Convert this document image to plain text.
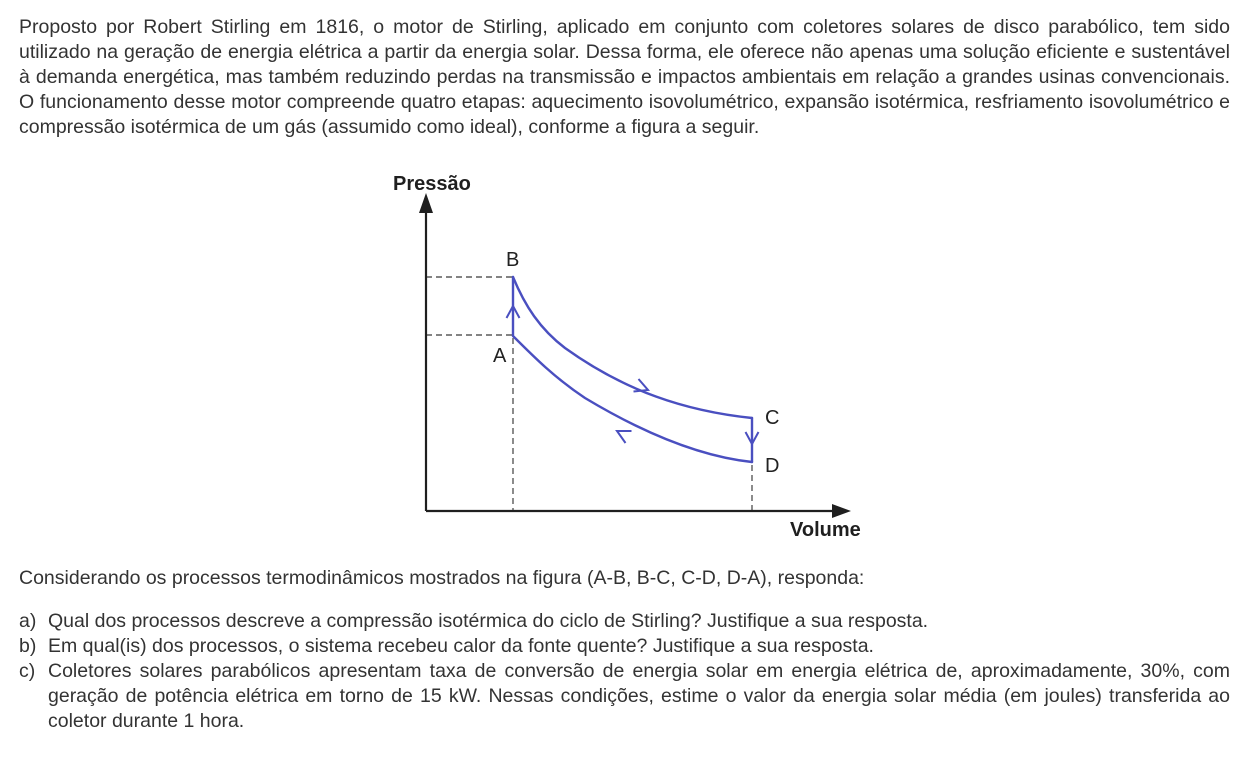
Proposto por Robert Stirling em 1816, o motor de Stirling, aplicado em conjunto com coletores solares de disco parabólico, tem sido utilizado na geração de energia elétrica a partir da energia solar. Dessa forma, ele oferece não apenas uma solução eficiente e sustentável à demanda energética, mas também reduzindo perdas na transmissão e impactos ambientais em relação a grandes usinas convencionais. O funcionamento desse motor compreende quatro etapas: aquecimento isovolumétrico, expansão isotérmica, resfriamento isovolumétrico e compressão isotérmica de um gás (assumido como ideal), conforme a figura a seguir.

Pressão
Volume
B
A
C
D

Considerando os processos termodinâmicos mostrados na figura (A-B, B-C, C-D, D-A), responda:

a) Qual dos processos descreve a compressão isotérmica do ciclo de Stirling? Justifique a sua resposta.
b) Em qual(is) dos processos, o sistema recebeu calor da fonte quente? Justifique a sua resposta.
c) Coletores solares parabólicos apresentam taxa de conversão de energia solar em energia elétrica de, aproximadamente, 30%, com geração de potência elétrica em torno de 15 kW. Nessas condições, estime o valor da energia solar média (em joules) transferida ao coletor durante 1 hora.
